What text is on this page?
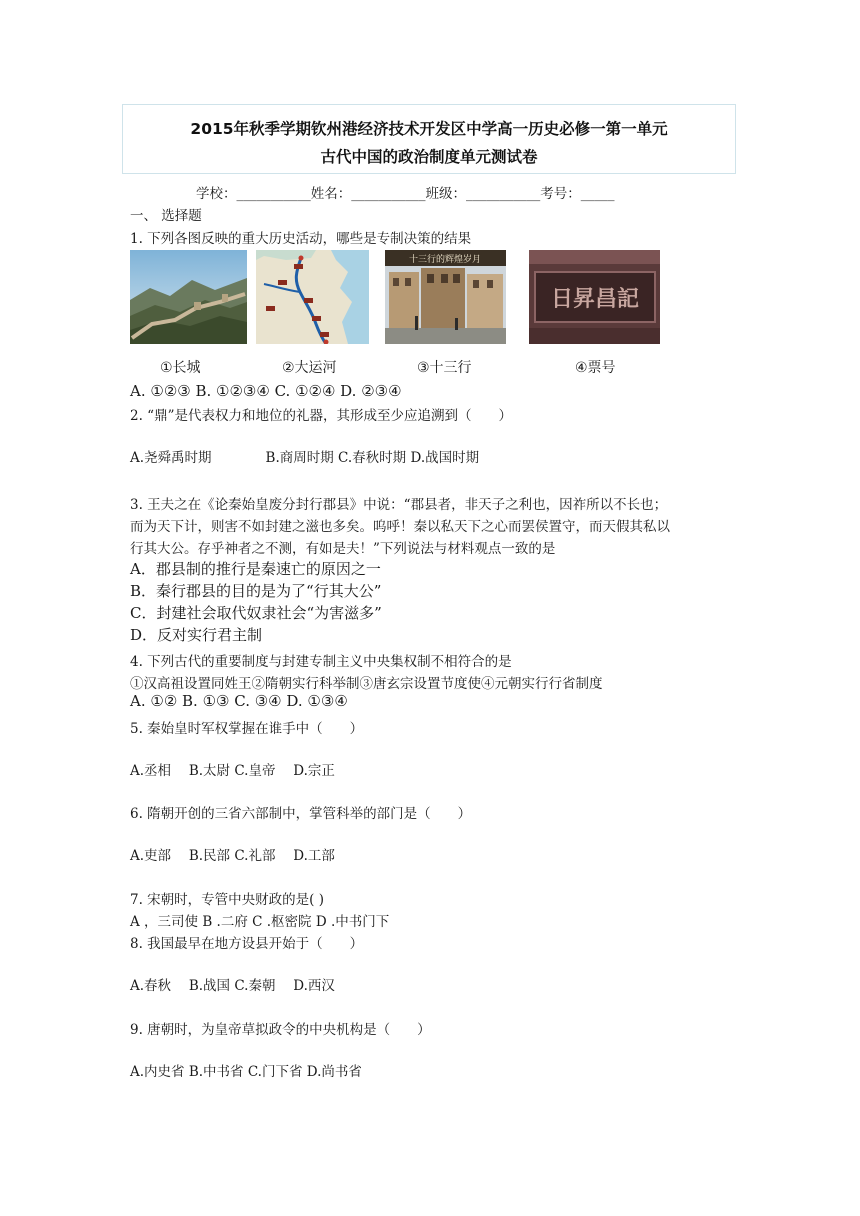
2015年秋季学期钦州港经济技术开发区中学高一历史必修一第一单元
古代中国的政治制度单元测试卷
学校：___________姓名：___________班级：___________考号：_____
一、 选择题
1. 下列各图反映的重大历史活动，哪些是专制决策的结果
十三行的辉煌岁月
日昇昌記
①长城	②大运河	③十三行	④票号
A. ①②③ B. ①②③④ C. ①②④ D. ②③④
2. “鼎”是代表权力和地位的礼器，其形成至少应追溯到（　　）
A.尧舜禹时期　　　　B.商周时期 C.春秋时期 D.战国时期
3. 王夫之在《论秦始皇废分封行郡县》中说：“郡县者，非天子之利也，因祚所以不长也；
而为天下计，则害不如封建之滋也多矣。呜呼！秦以私天下之心而罢侯置守，而天假其私以
行其大公。存乎神者之不测，有如是夫！”下列说法与材料观点一致的是
A．郡县制的推行是秦速亡的原因之一
B．秦行郡县的目的是为了“行其大公”
C．封建社会取代奴隶社会“为害滋多”
D．反对实行君主制
4. 下列古代的重要制度与封建专制主义中央集权制不相符合的是
①汉高祖设置同姓王②隋朝实行科举制③唐玄宗设置节度使④元朝实行行省制度
A. ①② B. ①③ C. ③④ D. ①③④
5. 秦始皇时军权掌握在谁手中（　　）
A.丞相　 B.太尉 C.皇帝　 D.宗正
6. 隋朝开创的三省六部制中，掌管科举的部门是（　　）
A.吏部　 B.民部 C.礼部　 D.工部
7. 宋朝时，专管中央财政的是( )
A ，三司使 B .二府 C .枢密院 D .中书门下
8. 我国最早在地方设县开始于（　　）
A.春秋　 B.战国 C.秦朝　 D.西汉
9. 唐朝时，为皇帝草拟政令的中央机构是（　　）
A.内史省 B.中书省 C.门下省 D.尚书省
